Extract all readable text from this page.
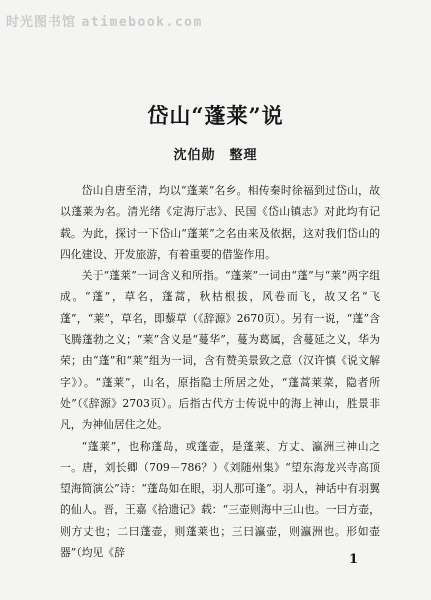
时光图书馆 atimebook.com
岱山“蓬莱”说
沈伯勋　整理

岱山自唐至清，均以“蓬莱”名乡。相传秦时徐福到过岱山，故以蓬莱为名。清光绪《定海厅志》、民国《岱山镇志》对此均有记载。为此，探讨一下岱山“蓬莱”之名由来及依据，这对我们岱山的四化建设、开发旅游，有着重要的借鉴作用。

关于“蓬莱”一词含义和所指。“蓬莱”一词由“蓬”与“莱”两字组成。“蓬”，草名，蓬蒿，秋枯根拔，风卷而飞，故又名“飞蓬”，“莱”，草名，即藜草（《辞源》2670页）。另有一说，“蓬”含飞腾蓬勃之义；“莱”含义是“蔓华”，蔓为葛属，含蔓延之义，华为荣；由“蓬”和“莱”组为一词，含有赞美景致之意（汉许慎《说文解字》）。“蓬莱”，山名，原指隐士所居之处，“蓬蒿莱菜，隐者所处”（《辞源》2703页）。后指古代方士传说中的海上神山，胜景非凡，为神仙居住之处。

“蓬莱”，也称蓬岛，或蓬壶，是蓬莱、方丈、瀛洲三神山之一。唐，刘长卿（709－786？）《刘随州集》“望东海龙兴寺高顶望海简演公”诗：“蓬岛如在眼，羽人那可逢”。羽人，神话中有羽翼的仙人。晋，王嘉《拾遗记》载：“三壶则海中三山也。一曰方壶，则方丈也；二曰蓬壶，则蓬莱也；三曰瀛壶，则瀛洲也。形如壶器”（均见《辞	1
